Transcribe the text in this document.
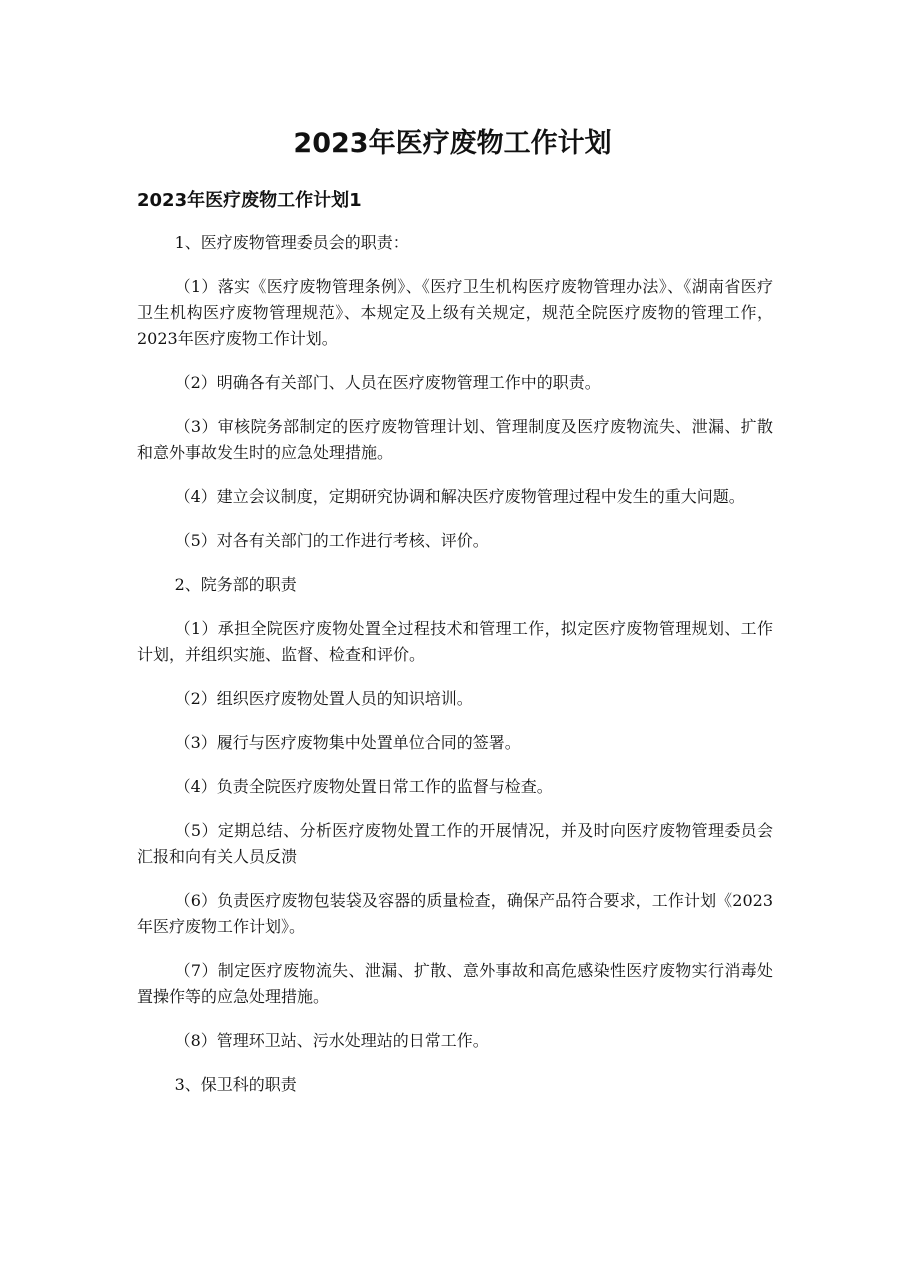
2023年医疗废物工作计划
2023年医疗废物工作计划1

1、医疗废物管理委员会的职责：

（1）落实《医疗废物管理条例》、《医疗卫生机构医疗废物管理办法》、《湖南省医疗卫生机构医疗废物管理规范》、本规定及上级有关规定，规范全院医疗废物的管理工作，2023年医疗废物工作计划。

（2）明确各有关部门、人员在医疗废物管理工作中的职责。

（3）审核院务部制定的医疗废物管理计划、管理制度及医疗废物流失、泄漏、扩散和意外事故发生时的应急处理措施。

（4）建立会议制度，定期研究协调和解决医疗废物管理过程中发生的重大问题。

（5）对各有关部门的工作进行考核、评价。

2、院务部的职责

（1）承担全院医疗废物处置全过程技术和管理工作，拟定医疗废物管理规划、工作计划，并组织实施、监督、检查和评价。

（2）组织医疗废物处置人员的知识培训。

（3）履行与医疗废物集中处置单位合同的签署。

（4）负责全院医疗废物处置日常工作的监督与检查。

（5）定期总结、分析医疗废物处置工作的开展情况，并及时向医疗废物管理委员会汇报和向有关人员反溃

（6）负责医疗废物包装袋及容器的质量检查，确保产品符合要求，工作计划《2023年医疗废物工作计划》。

（7）制定医疗废物流失、泄漏、扩散、意外事故和高危感染性医疗废物实行消毒处置操作等的应急处理措施。

（8）管理环卫站、污水处理站的日常工作。

3、保卫科的职责
